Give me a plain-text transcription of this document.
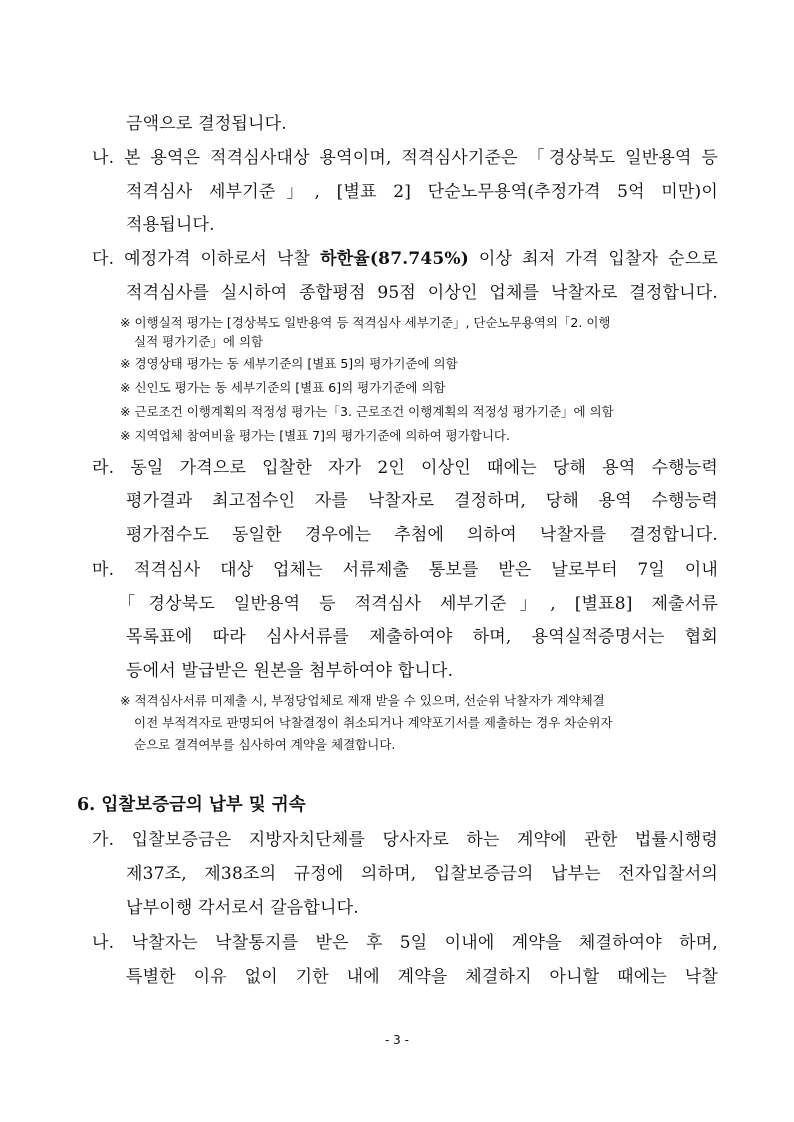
금액으로 결정됩니다.

나. 본 용역은 적격심사대상 용역이며, 적격심사기준은 「경상북도 일반용역 등

적격심사 세부기준」, [별표 2] 단순노무용역(추정가격 5억 미만)이

적용됩니다.

다. 예정가격 이하로서 낙찰 하한율(87.745%) 이상 최저 가격 입찰자 순으로

적격심사를 실시하여 종합평점 95점 이상인 업체를 낙찰자로 결정합니다.

※ 이행실적 평가는 [경상북도 일반용역 등 적격심사 세부기준」, 단순노무용역의「2. 이행

실적 평가기준」에 의함

※ 경영상태 평가는 동 세부기준의 [별표 5]의 평가기준에 의함

※ 신인도 평가는 동 세부기준의 [별표 6]의 평가기준에 의함

※ 근로조건 이행계획의 적정성 평가는「3. 근로조건 이행계획의 적정성 평가기준」에 의함

※ 지역업체 참여비율 평가는 [별표 7]의 평가기준에 의하여 평가합니다.

라. 동일 가격으로 입찰한 자가 2인 이상인 때에는 당해 용역 수행능력

평가결과 최고점수인 자를 낙찰자로 결정하며, 당해 용역 수행능력

평가점수도 동일한 경우에는 추첨에 의하여 낙찰자를 결정합니다.

마. 적격심사 대상 업체는 서류제출 통보를 받은 날로부터 7일 이내

「경상북도 일반용역 등 적격심사 세부기준」, [별표8] 제출서류

목록표에 따라 심사서류를 제출하여야 하며, 용역실적증명서는 협회

등에서 발급받은 원본을 첨부하여야 합니다.

※ 적격심사서류 미제출 시, 부정당업체로 제재 받을 수 있으며, 선순위 낙찰자가 계약체결

이전 부적격자로 판명되어 낙찰결정이 취소되거나 계약포기서를 제출하는 경우 차순위자

순으로 결격여부를 심사하여 계약을 체결합니다.

6. 입찰보증금의 납부 및 귀속

가. 입찰보증금은 지방자치단체를 당사자로 하는 계약에 관한 법률시행령

제37조, 제38조의 규정에 의하며, 입찰보증금의 납부는 전자입찰서의

납부이행 각서로서 갈음합니다.

나. 낙찰자는 낙찰통지를 받은 후 5일 이내에 계약을 체결하여야 하며,

특별한 이유 없이 기한 내에 계약을 체결하지 아니할 때에는 낙찰

- 3 -
